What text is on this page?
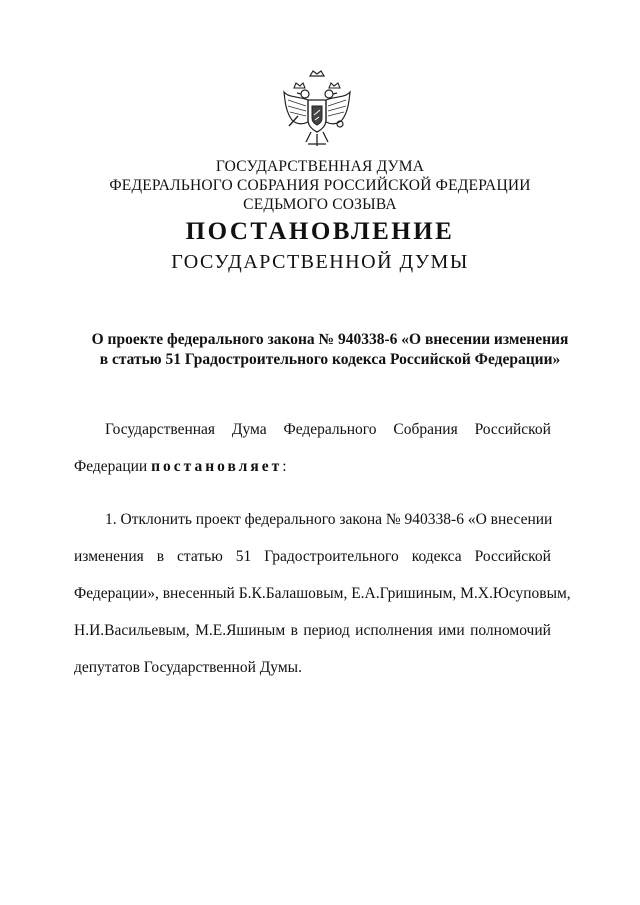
ГОСУДАРСТВЕННАЯ ДУМА
ФЕДЕРАЛЬНОГО СОБРАНИЯ РОССИЙСКОЙ ФЕДЕРАЦИИ
СЕДЬМОГО СОЗЫВА
ПОСТАНОВЛЕНИЕ
ГОСУДАРСТВЕННОЙ ДУМЫ
О проекте федерального закона № 940338-6 «О внесении изменения
в статью 51 Градостроительного кодекса Российской Федерации»
Государственная Дума Федерального Собрания Российской
Федерации постановляет:
1. Отклонить проект федерального закона № 940338-6 «О внесении
изменения в статью 51 Градостроительного кодекса Российской
Федерации», внесенный Б.К.Балашовым, Е.А.Гришиным, М.Х.Юсуповым,
Н.И.Васильевым, М.Е.Яшиным в период исполнения ими полномочий
депутатов Государственной Думы.
